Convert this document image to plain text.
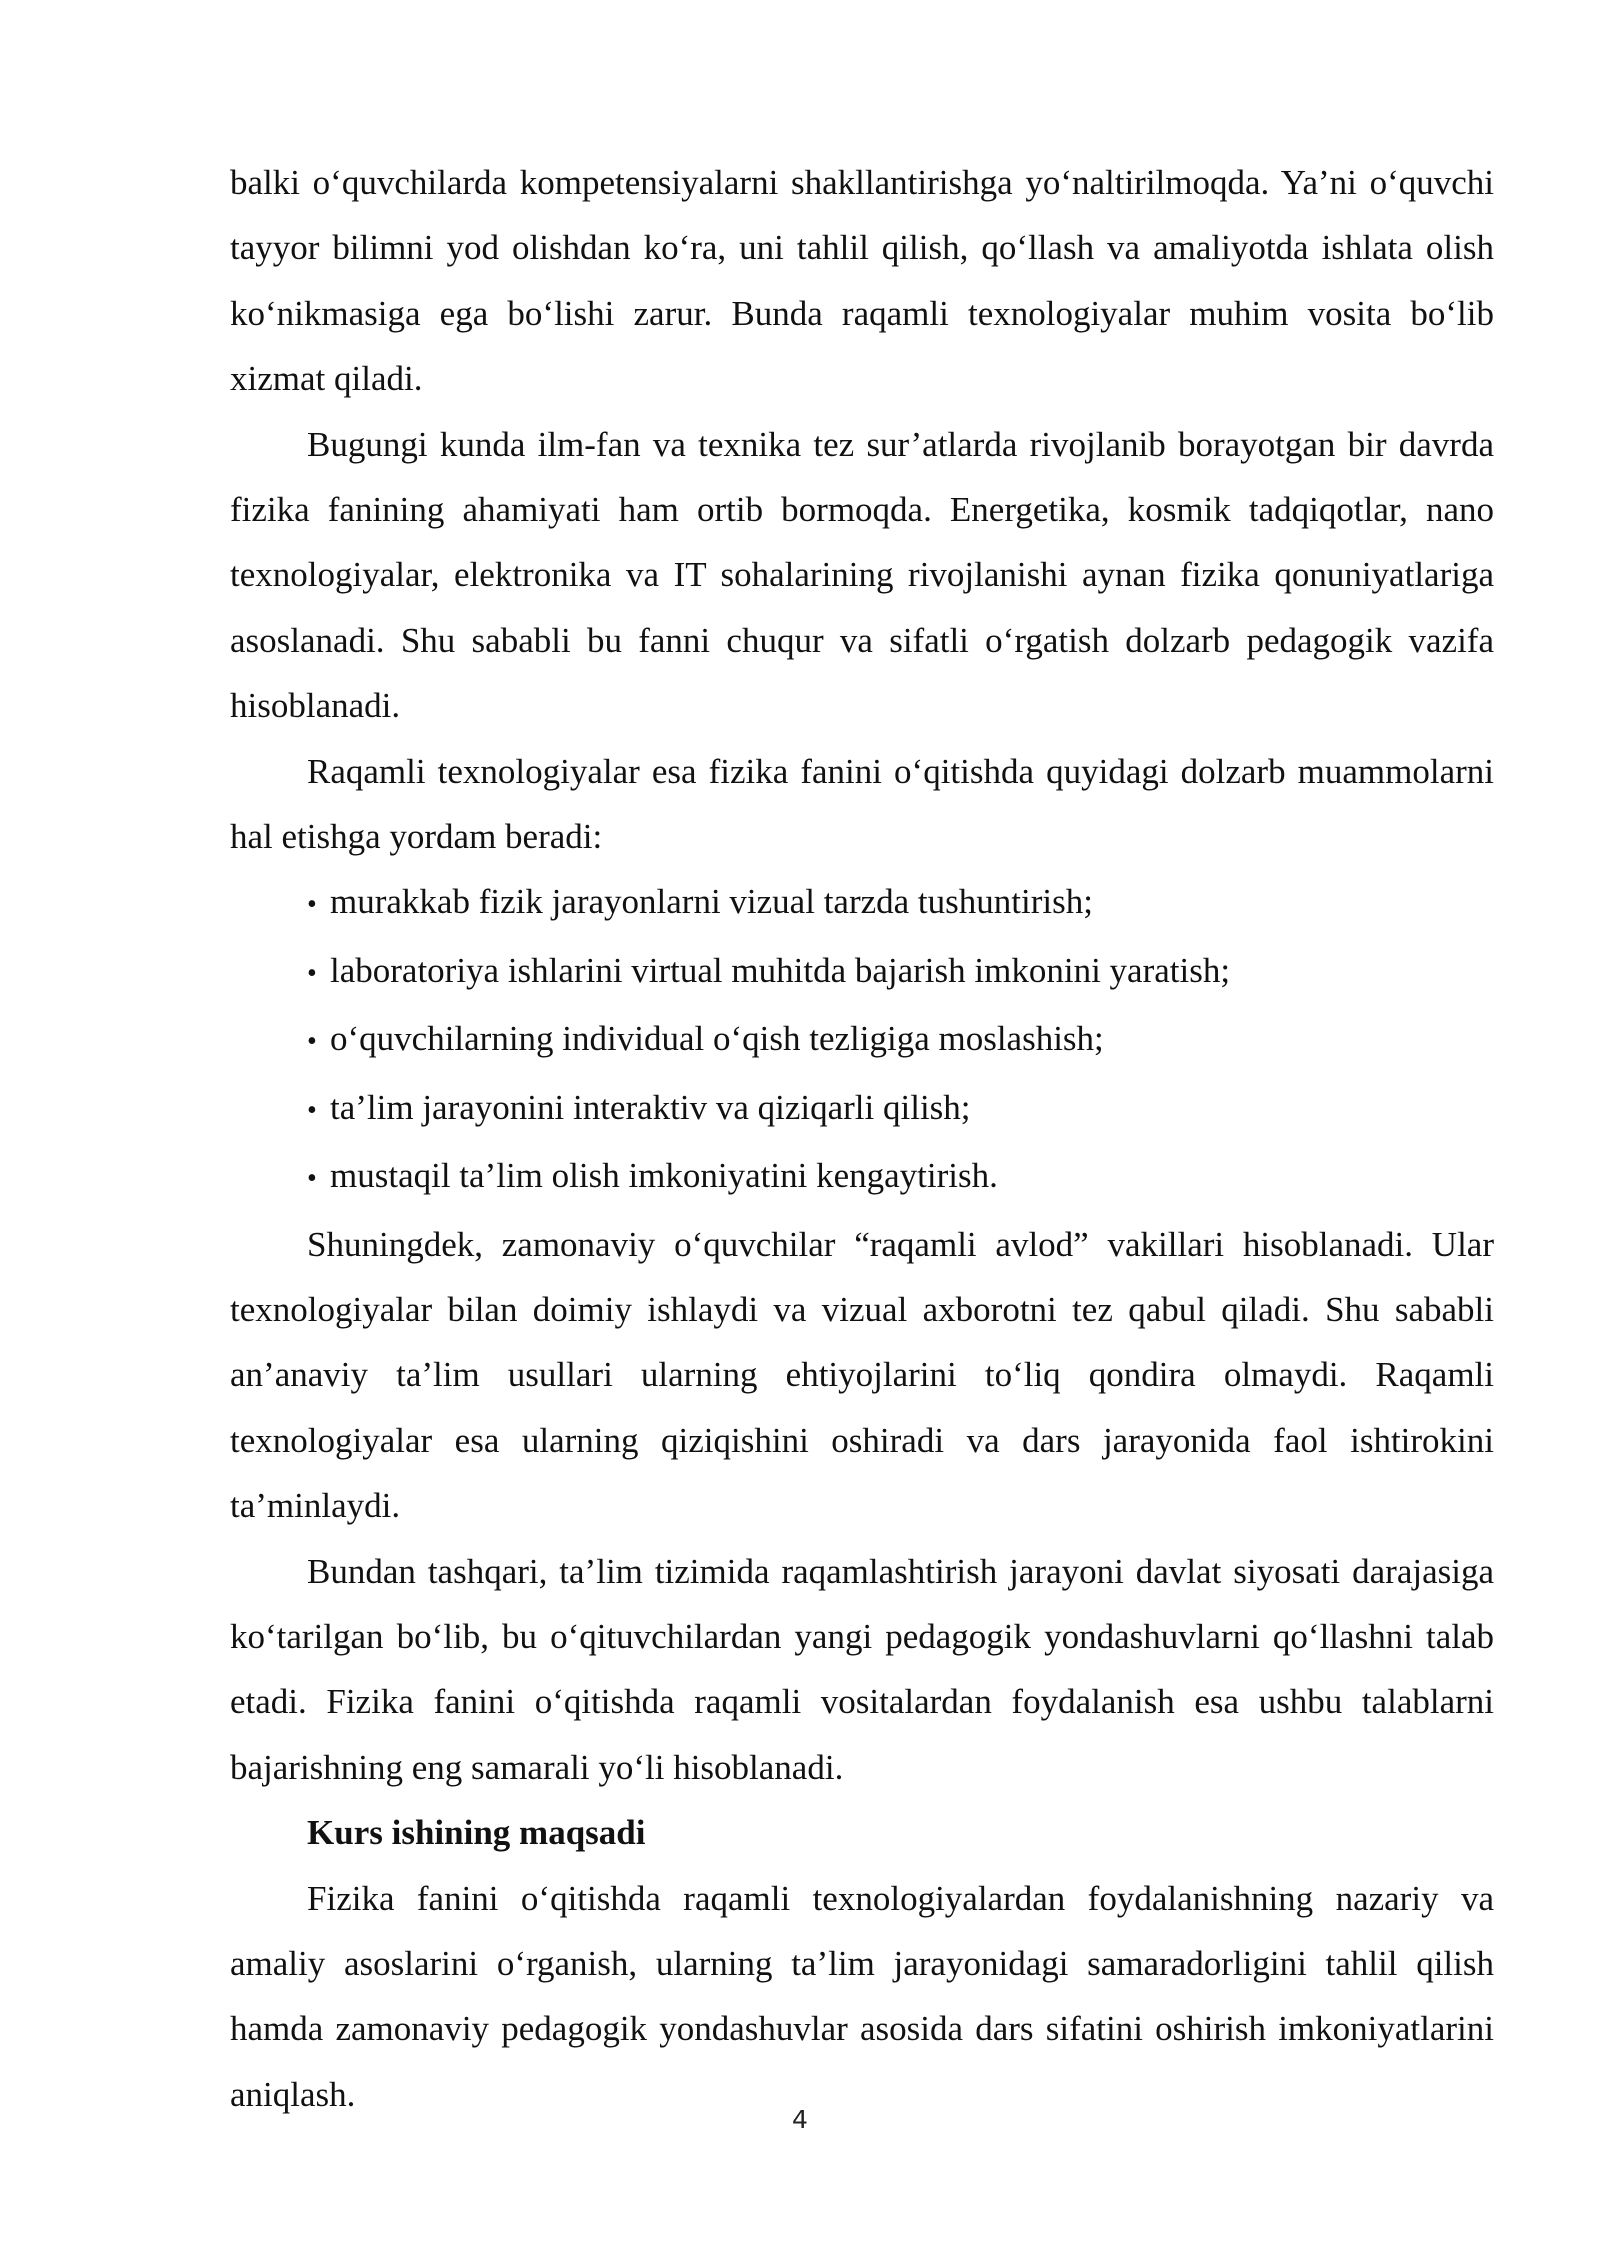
balki o‘quvchilarda kompetensiyalarni shakllantirishga yo‘naltirilmoqda. Ya’ni o‘quvchi tayyor bilimni yod olishdan ko‘ra, uni tahlil qilish, qo‘llash va amaliyotda ishlata olish ko‘nikmasiga ega bo‘lishi zarur. Bunda raqamli texnologiyalar muhim vosita bo‘lib xizmat qiladi.

Bugungi kunda ilm-fan va texnika tez sur’atlarda rivojlanib borayotgan bir davrda fizika fanining ahamiyati ham ortib bormoqda. Energetika, kosmik tadqiqotlar, nano texnologiyalar, elektronika va IT sohalarining rivojlanishi aynan fizika qonuniyatlariga asoslanadi. Shu sababli bu fanni chuqur va sifatli o‘rgatish dolzarb pedagogik vazifa hisoblanadi.

Raqamli texnologiyalar esa fizika fanini o‘qitishda quyidagi dolzarb muammolarni hal etishga yordam beradi:

• murakkab fizik jarayonlarni vizual tarzda tushuntirish;
• laboratoriya ishlarini virtual muhitda bajarish imkonini yaratish;
• o‘quvchilarning individual o‘qish tezligiga moslashish;
• ta’lim jarayonini interaktiv va qiziqarli qilish;
• mustaqil ta’lim olish imkoniyatini kengaytirish.

Shuningdek, zamonaviy o‘quvchilar “raqamli avlod” vakillari hisoblanadi. Ular texnologiyalar bilan doimiy ishlaydi va vizual axborotni tez qabul qiladi. Shu sababli an’anaviy ta’lim usullari ularning ehtiyojlarini to‘liq qondira olmaydi. Raqamli texnologiyalar esa ularning qiziqishini oshiradi va dars jarayonida faol ishtirokini ta’minlaydi.

Bundan tashqari, ta’lim tizimida raqamlashtirish jarayoni davlat siyosati darajasiga ko‘tarilgan bo‘lib, bu o‘qituvchilardan yangi pedagogik yondashuvlarni qo‘llashni talab etadi. Fizika fanini o‘qitishda raqamli vositalardan foydalanish esa ushbu talablarni bajarishning eng samarali yo‘li hisoblanadi.

Kurs ishining maqsadi

Fizika fanini o‘qitishda raqamli texnologiyalardan foydalanishning nazariy va amaliy asoslarini o‘rganish, ularning ta’lim jarayonidagi samaradorligini tahlil qilish hamda zamonaviy pedagogik yondashuvlar asosida dars sifatini oshirish imkoniyatlarini aniqlash.

4
